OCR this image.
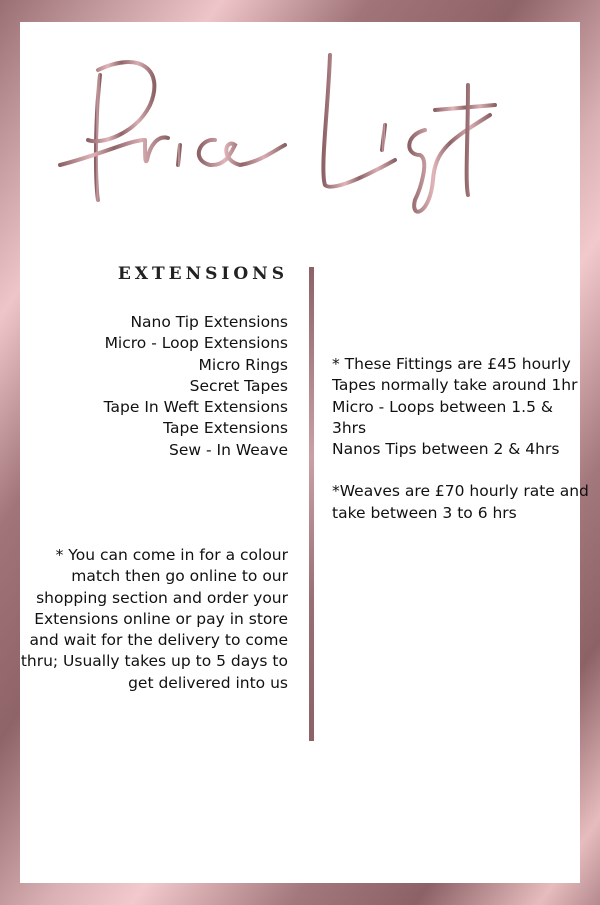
EXTENSIONS
Nano Tip Extensions
Micro - Loop Extensions
Micro Rings
Secret Tapes
Tape In Weft Extensions
Tape Extensions
Sew - In Weave
* You can come in for a colour
match then go online to our
shopping section and order your
Extensions online or pay in store
and wait for the delivery to come
thru; Usually takes up to 5 days to
get delivered into us
* These Fittings are £45 hourly
Tapes normally take around 1hr
Micro - Loops between 1.5 &
3hrs
Nanos Tips between 2 & 4hrs
*Weaves are £70 hourly rate and
take between 3 to 6 hrs
